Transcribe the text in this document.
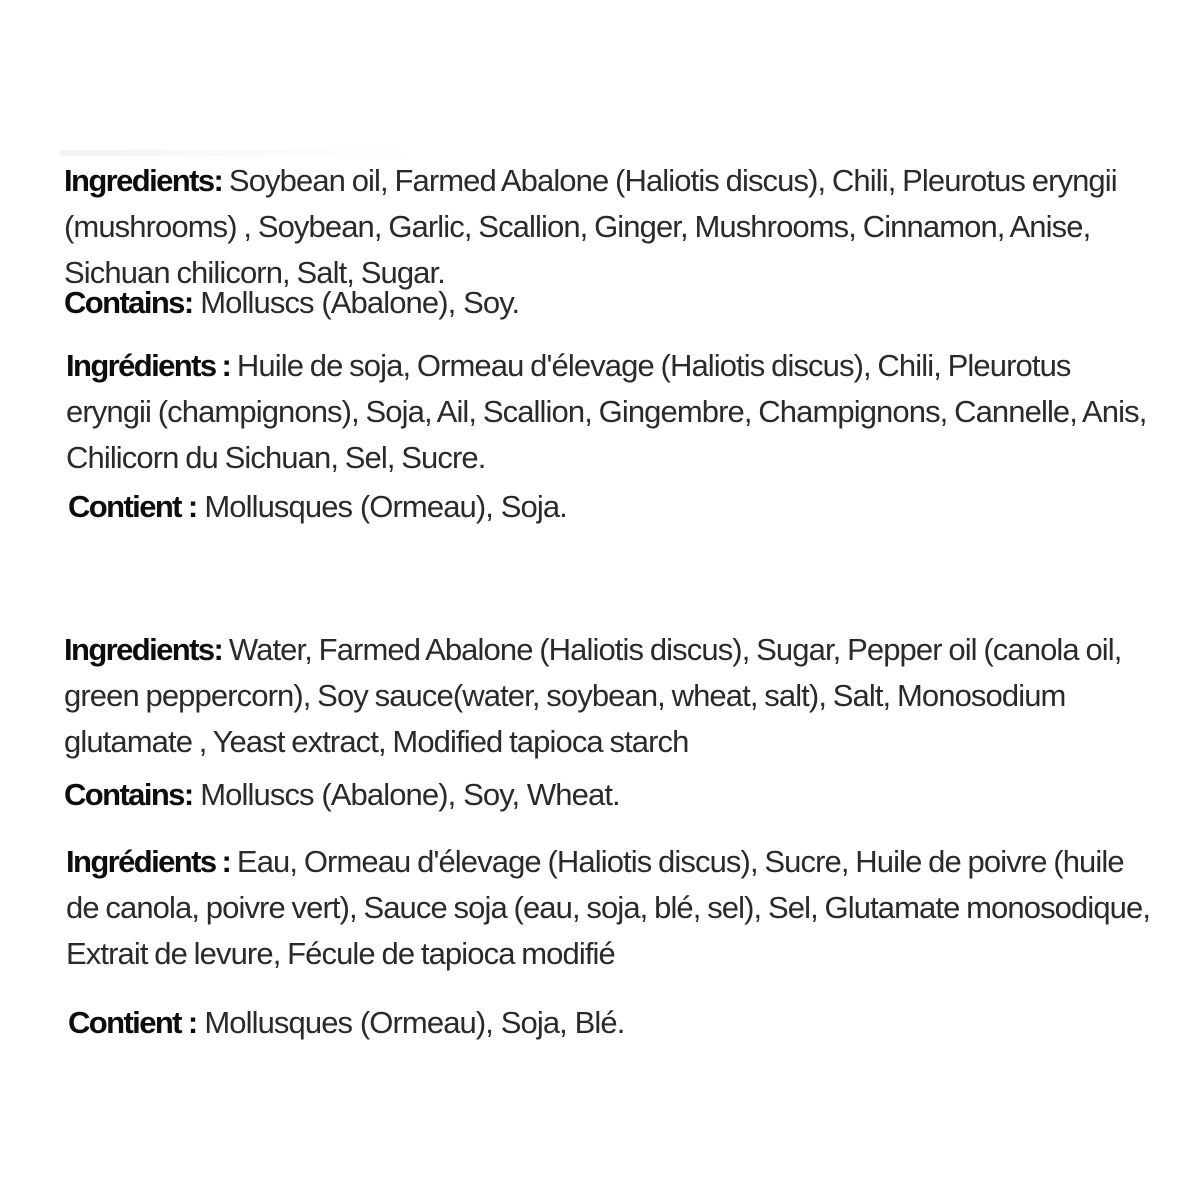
Ingredients: Soybean oil, Farmed Abalone (Haliotis discus), Chili, Pleurotus eryngii (mushrooms) , Soybean, Garlic, Scallion, Ginger, Mushrooms, Cinnamon, Anise, Sichuan chilicorn, Salt, Sugar.
Contains: Molluscs (Abalone), Soy.
Ingrédients : Huile de soja, Ormeau d'élevage (Haliotis discus), Chili, Pleurotus eryngii (champignons), Soja, Ail, Scallion, Gingembre, Champignons, Cannelle, Anis, Chilicorn du Sichuan, Sel, Sucre.
Contient : Mollusques (Ormeau), Soja.
Ingredients: Water, Farmed Abalone (Haliotis discus), Sugar, Pepper oil (canola oil, green peppercorn), Soy sauce(water, soybean, wheat, salt), Salt, Monosodium glutamate , Yeast extract, Modified tapioca starch
Contains: Molluscs (Abalone), Soy, Wheat.
Ingrédients : Eau, Ormeau d'élevage (Haliotis discus), Sucre, Huile de poivre (huile de canola, poivre vert), Sauce soja (eau, soja, blé, sel), Sel, Glutamate monosodique, Extrait de levure, Fécule de tapioca modifié
Contient : Mollusques (Ormeau), Soja, Blé.
